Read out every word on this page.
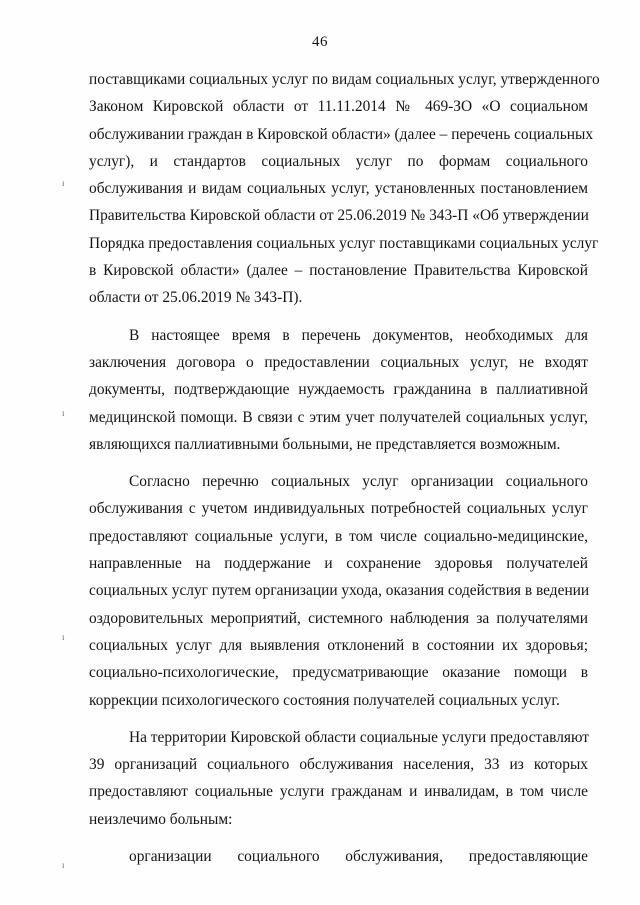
46
ı
ı
ı
ı
поставщиками социальных услуг по видам социальных услуг, утвержденного
Законом Кировской области от 11.11.2014 № 469-ЗО «О социальном
обслуживании граждан в Кировской области» (далее – перечень социальных
услуг), и стандартов социальных услуг по формам социального
обслуживания и видам социальных услуг, установленных постановлением
Правительства Кировской области от 25.06.2019 № 343-П «Об утверждении
Порядка предоставления социальных услуг поставщиками социальных услуг
в Кировской области» (далее – постановление Правительства Кировской
области от 25.06.2019 № 343-П).
В настоящее время в перечень документов, необходимых для
заключения договора о предоставлении социальных услуг, не входят
документы, подтверждающие нуждаемость гражданина в паллиативной
медицинской помощи. В связи с этим учет получателей социальных услуг,
являющихся паллиативными больными, не представляется возможным.
Согласно перечню социальных услуг организации социального
обслуживания с учетом индивидуальных потребностей социальных услуг
предоставляют социальные услуги, в том числе социально-медицинские,
направленные на поддержание и сохранение здоровья получателей
социальных услуг путем организации ухода, оказания содействия в ведении
оздоровительных мероприятий, системного наблюдения за получателями
социальных услуг для выявления отклонений в состоянии их здоровья;
социально-психологические, предусматривающие оказание помощи в
коррекции психологического состояния получателей социальных услуг.
На территории Кировской области социальные услуги предоставляют
39 организаций социального обслуживания населения, 33 из которых
предоставляют социальные услуги гражданам и инвалидам, в том числе
неизлечимо больным:
организации социального обслуживания, предоставляющие
